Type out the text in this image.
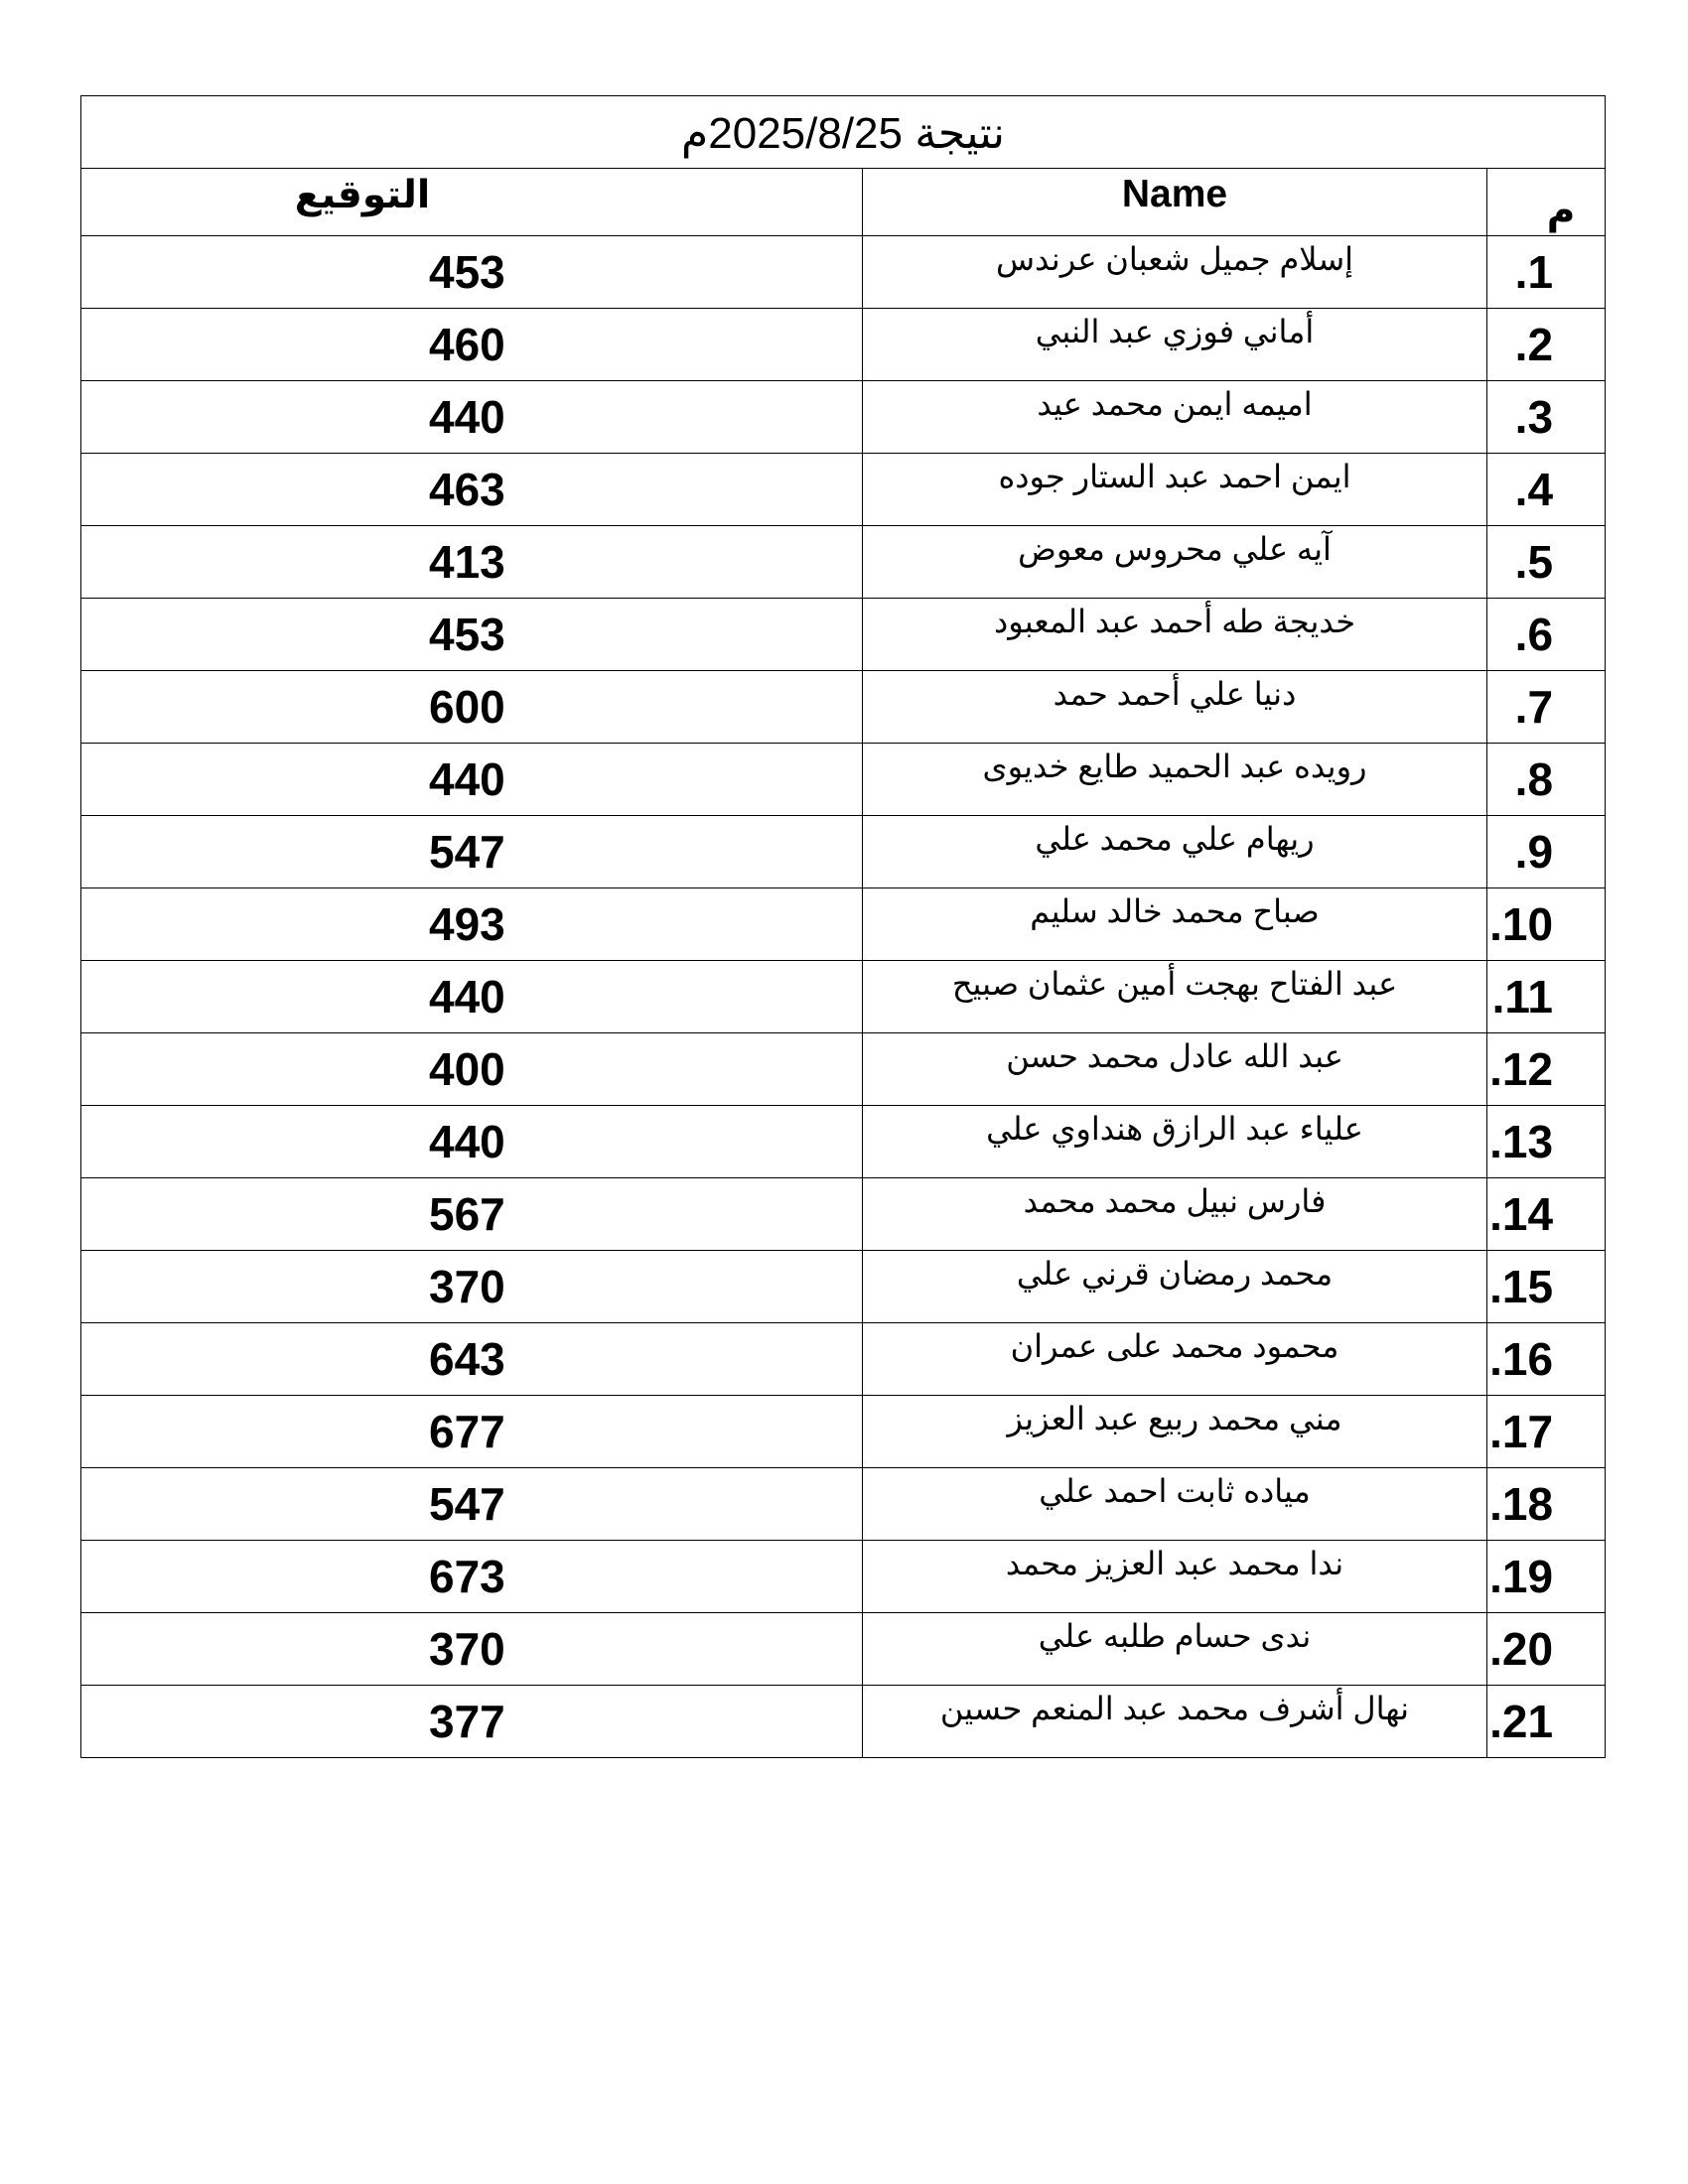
نتيجة 2025/8/25م		
التوقيع	Name	م
453	إسلام جميل شعبان عرندس	1.
460	أماني فوزي عبد النبي	2.
440	اميمه ايمن محمد عيد	3.
463	ايمن احمد عبد الستار جوده	4.
413	آيه علي محروس معوض	5.
453	خديجة طه أحمد عبد المعبود	6.
600	دنيا علي أحمد حمد	7.
440	رويده عبد الحميد طايع خديوى	8.
547	ريهام علي محمد علي	9.
493	صباح محمد خالد سليم	10.
440	عبد الفتاح بهجت أمين عثمان صبيح	11.
400	عبد الله عادل محمد حسن	12.
440	علياء عبد الرازق هنداوي علي	13.
567	فارس نبيل محمد محمد	14.
370	محمد رمضان قرني علي	15.
643	محمود محمد على عمران	16.
677	مني محمد ربيع عبد العزيز	17.
547	مياده ثابت احمد علي	18.
673	ندا محمد عبد العزيز محمد	19.
370	ندى حسام طلبه علي	20.
377	نهال أشرف محمد عبد المنعم حسين	21.
